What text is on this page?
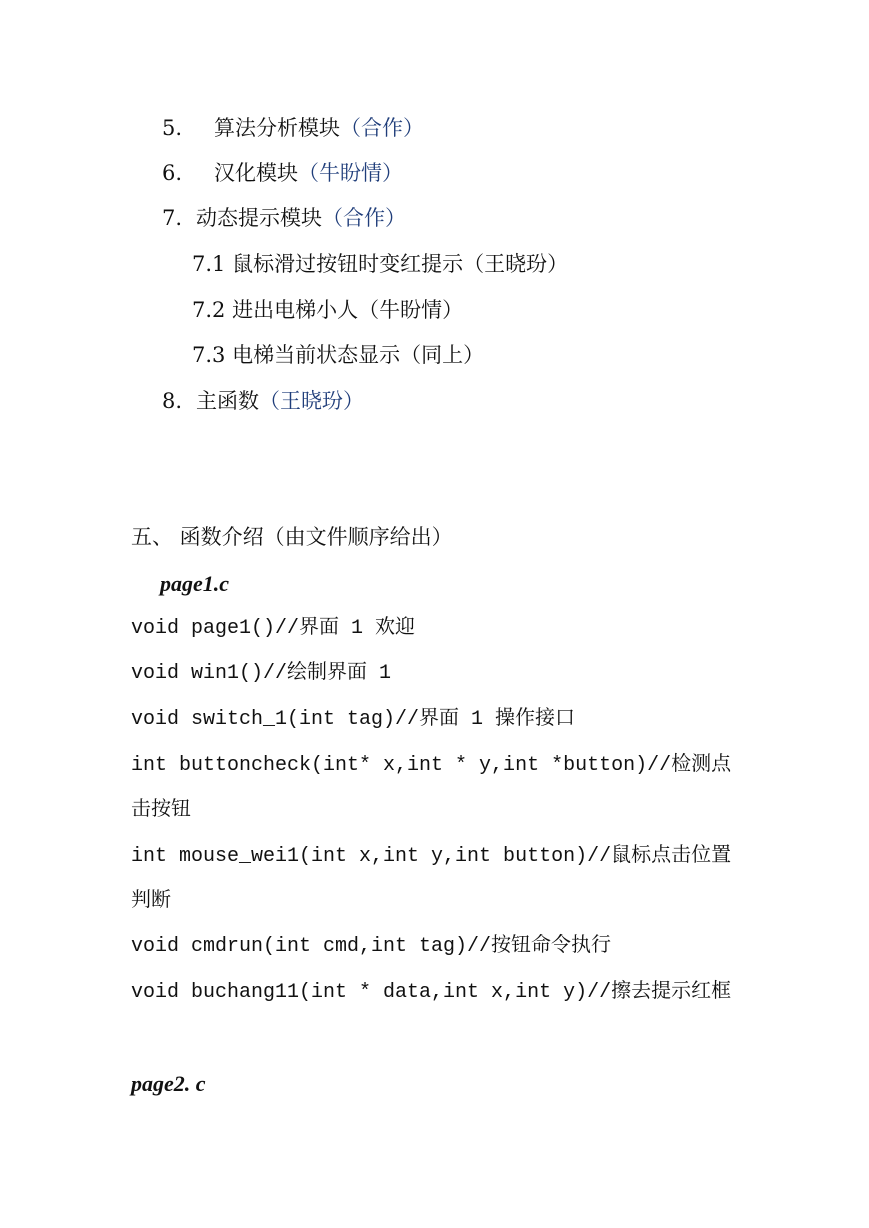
5. 算法分析模块（合作）
6. 汉化模块（牛盼情）
7. 动态提示模块（合作）
7.1 鼠标滑过按钮时变红提示（王晓玢）
7.2 进出电梯小人（牛盼情）
7.3 电梯当前状态显示（同上）
8. 主函数（王晓玢）
五、 函数介绍（由文件顺序给出）
page1.c
void page1()//界面 1 欢迎
void win1()//绘制界面 1
void switch_1(int tag)//界面 1 操作接口
int buttoncheck(int* x,int * y,int *button)//检测点
击按钮
int mouse_wei1(int x,int y,int button)//鼠标点击位置
判断
void cmdrun(int cmd,int tag)//按钮命令执行
void buchang11(int * data,int x,int y)//擦去提示红框
page2. c
